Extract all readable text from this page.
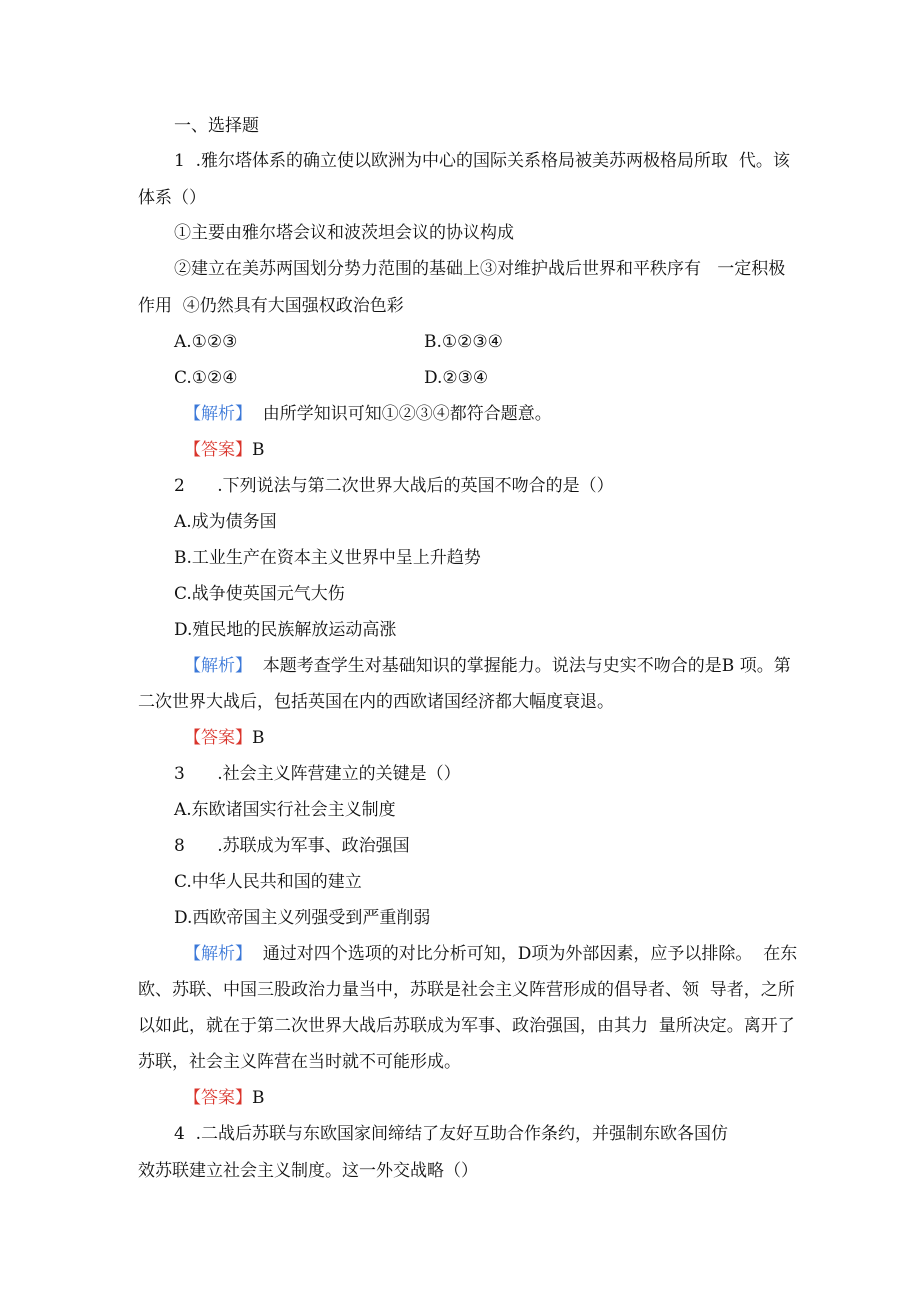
一、选择题
1  .雅尔塔体系的确立使以欧洲为中心的国际关系格局被美苏两极格局所取  代。该
体系（）
①主要由雅尔塔会议和波茨坦会议的协议构成
②建立在美苏两国划分势力范围的基础上③对维护战后世界和平秩序有   一定积极
作用  ④仍然具有大国强权政治色彩
A.①②③	B.①②③④
C.①②④	D.②③④
【解析】  由所学知识可知①②③④都符合题意。
【答案】B
2      .下列说法与第二次世界大战后的英国不吻合的是（）
A.成为债务国
B.工业生产在资本主义世界中呈上升趋势
C.战争使英国元气大伤
D.殖民地的民族解放运动高涨
【解析】  本题考查学生对基础知识的掌握能力。说法与史实不吻合的是B 项。第
二次世界大战后，包括英国在内的西欧诸国经济都大幅度衰退。
【答案】B
3      .社会主义阵营建立的关键是（）
A.东欧诸国实行社会主义制度
8      .苏联成为军事、政治强国
C.中华人民共和国的建立
D.西欧帝国主义列强受到严重削弱
【解析】  通过对四个选项的对比分析可知，D项为外部因素，应予以排除。  在东
欧、苏联、中国三股政治力量当中，苏联是社会主义阵营形成的倡导者、领  导者，之所
以如此，就在于第二次世界大战后苏联成为军事、政治强国，由其力  量所决定。离开了
苏联，社会主义阵营在当时就不可能形成。
【答案】B
4  .二战后苏联与东欧国家间缔结了友好互助合作条约，并强制东欧各国仿
效苏联建立社会主义制度。这一外交战略（）
